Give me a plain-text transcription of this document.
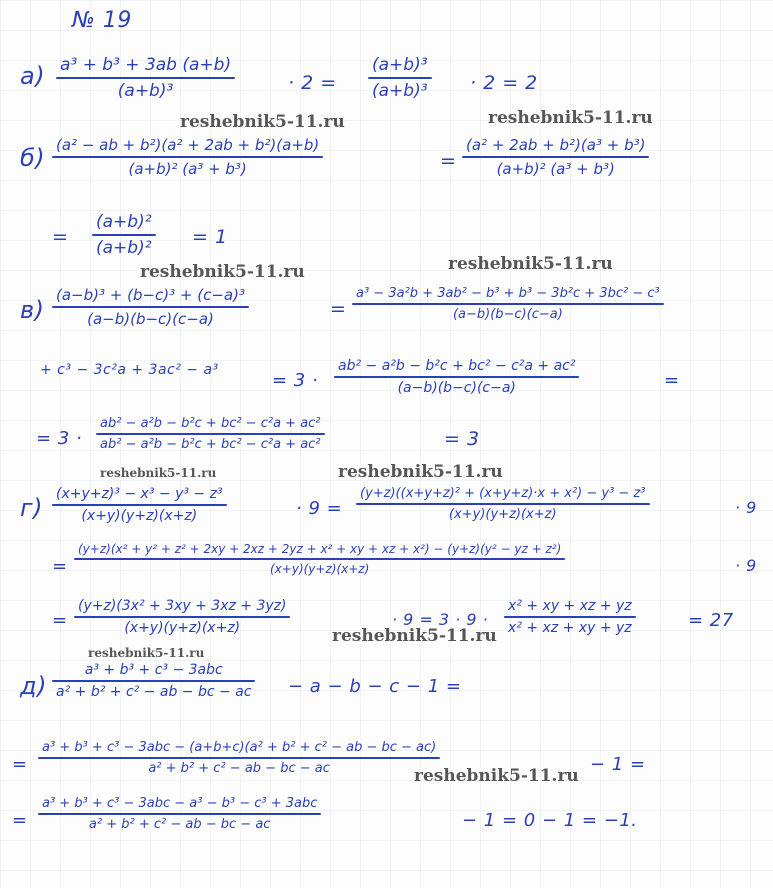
№ 19
а) a³ + b³ + 3ab (a+b)
(a+b)³	· 2 =
(a+b)³
(a+b)³ · 2 = 2
reshebnik5-11.ru	reshebnik5-11.ru
б) (a² − ab + b²)(a² + 2ab + b²)(a+b)
(a+b)² (a³ + b³)	=
(a² + 2ab + b²)(a³ + b³)
(a+b)² (a³ + b³)
=
(a+b)²
(a+b)² = 1
reshebnik5-11.ru	reshebnik5-11.ru
в)
(a−b)³ + (b−c)³ + (c−a)³
(a−b)(b−c)(c−a)	=
a³ − 3a²b + 3ab² − b³ + b³ − 3b²c + 3bc² − c³
(a−b)(b−c)(c−a)
+ c³ − 3c²a + 3ac² − a³	= 3 ·
ab² − a²b − b²c + bc² − c²a + ac²
(a−b)(b−c)(c−a)	=
= 3 ·
ab² − a²b − b²c + bc² − c²a + ac²
ab² − a²b − b²c + bc² − c²a + ac²	= 3
reshebnik5-11.ru	reshebnik5-11.ru
г) (x+y+z)³ − x³ − y³ − z³
(x+y)(y+z)(x+z)	· 9 =
(y+z)((x+y+z)² + (x+y+z)·x + x²) − y³ − z³
(x+y)(y+z)(x+z)	· 9
=
(y+z)(x² + y² + z² + 2xy + 2xz + 2yz + x² + xy + xz + x²) − (y+z)(y² − yz + z²)
(x+y)(y+z)(x+z)	· 9
=
(y+z)(3x² + 3xy + 3xz + 3yz)
(x+y)(y+z)(x+z)	· 9 = 3 · 9 ·
x² + xy + xz + yz
x² + xz + xy + yz	= 27
reshebnik5-11.ru
reshebnik5-11.ru
д)
a³ + b³ + c³ − 3abc
a² + b² + c² − ab − bc − ac − a − b − c − 1 =
=
a³ + b³ + c³ − 3abc − (a+b+c)(a² + b² + c² − ab − bc − ac)
a² + b² + c² − ab − bc − ac	− 1 =
reshebnik5-11.ru
=
a³ + b³ + c³ − 3abc − a³ − b³ − c³ + 3abc
a² + b² + c² − ab − bc − ac	− 1 = 0 − 1 = −1.
